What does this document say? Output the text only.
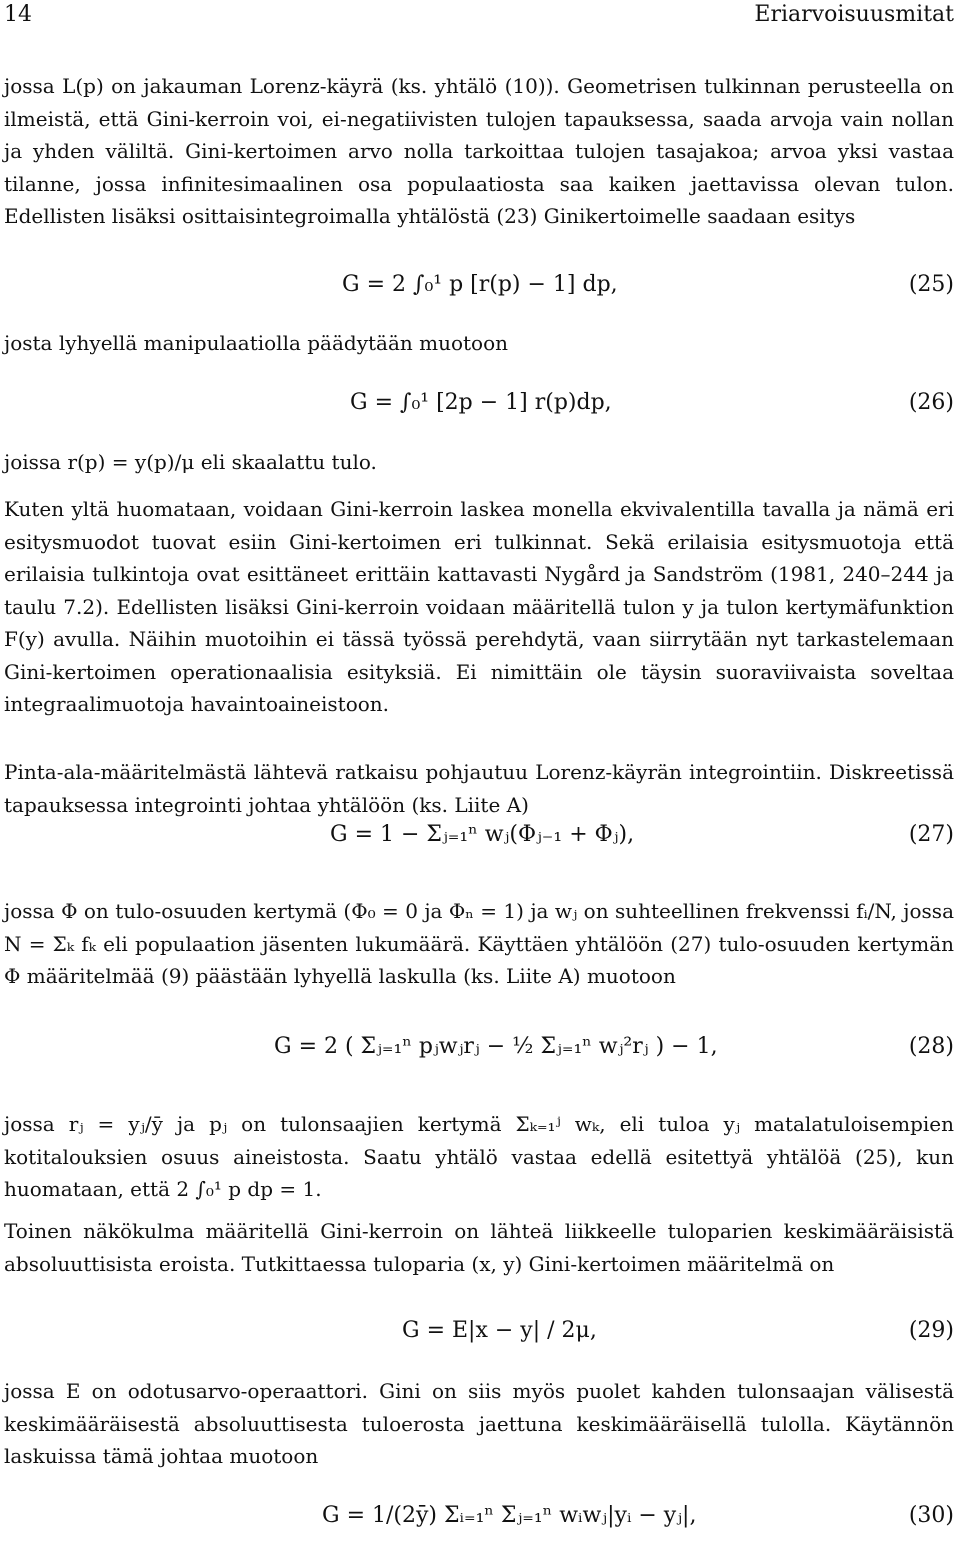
14	Eriarvoisuusmitat
jossa L(p) on jakauman Lorenz-käyrä (ks. yhtälö (10)). Geometrisen tulkinnan perusteella on ilmeistä, että Gini-kerroin voi, ei-negatiivisten tulojen tapauksessa, saada arvoja vain nollan ja yhden väliltä. Gini-kertoimen arvo nolla tarkoittaa tulojen tasajakoa; arvoa yksi vastaa tilanne, jossa infinitesimaalinen osa populaatiosta saa kaiken jaettavissa olevan tulon. Edellisten lisäksi osittaisintegroimalla yhtälöstä (23) Ginikertoimelle saadaan esitys
G = 2 ∫₀¹ p [r(p) − 1] dp,	(25)
josta lyhyellä manipulaatiolla päädytään muotoon
G = ∫₀¹ [2p − 1] r(p)dp,	(26)
joissa r(p) = y(p)/μ eli skaalattu tulo.
Kuten yltä huomataan, voidaan Gini-kerroin laskea monella ekvivalentilla tavalla ja nämä eri esitysmuodot tuovat esiin Gini-kertoimen eri tulkinnat. Sekä erilaisia esitysmuotoja että erilaisia tulkintoja ovat esittäneet erittäin kattavasti Nygård ja Sandström (1981, 240–244 ja taulu 7.2). Edellisten lisäksi Gini-kerroin voidaan määritellä tulon y ja tulon kertymäfunktion F(y) avulla. Näihin muotoihin ei tässä työssä perehdytä, vaan siirrytään nyt tarkastelemaan Gini-kertoimen operationaalisia esityksiä. Ei nimittäin ole täysin suoraviivaista soveltaa integraalimuotoja havaintoaineistoon.
Pinta-ala-määritelmästä lähtevä ratkaisu pohjautuu Lorenz-käyrän integrointiin. Diskreetissä tapauksessa integrointi johtaa yhtälöön (ks. Liite A)
G = 1 − Σⱼ₌₁ⁿ wⱼ(Φⱼ₋₁ + Φⱼ),	(27)
jossa Φ on tulo-osuuden kertymä (Φ₀ = 0 ja Φₙ = 1) ja wⱼ on suhteellinen frekvenssi fᵢ/N, jossa N = Σₖ fₖ eli populaation jäsenten lukumäärä. Käyttäen yhtälöön (27) tulo-osuuden kertymän Φ määritelmää (9) päästään lyhyellä laskulla (ks. Liite A) muotoon
G = 2 ( Σⱼ₌₁ⁿ pⱼwⱼrⱼ − ½ Σⱼ₌₁ⁿ wⱼ²rⱼ ) − 1,	(28)
jossa rⱼ = yⱼ/ȳ ja pⱼ on tulonsaajien kertymä Σₖ₌₁ʲ wₖ, eli tuloa yⱼ matalatuloisempien kotitalouksien osuus aineistosta. Saatu yhtälö vastaa edellä esitettyä yhtälöä (25), kun huomataan, että 2 ∫₀¹ p dp = 1.
Toinen näkökulma määritellä Gini-kerroin on lähteä liikkeelle tuloparien keskimääräisistä absoluuttisista eroista. Tutkittaessa tuloparia (x, y) Gini-kertoimen määritelmä on
G = E|x − y| / 2μ,	(29)
jossa E on odotusarvo-operaattori. Gini on siis myös puolet kahden tulonsaajan välisestä keskimääräisestä absoluuttisesta tuloerosta jaettuna keskimääräisellä tulolla. Käytännön laskuissa tämä johtaa muotoon
G = 1/(2ȳ) Σᵢ₌₁ⁿ Σⱼ₌₁ⁿ wᵢwⱼ|yᵢ − yⱼ|,	(30)
